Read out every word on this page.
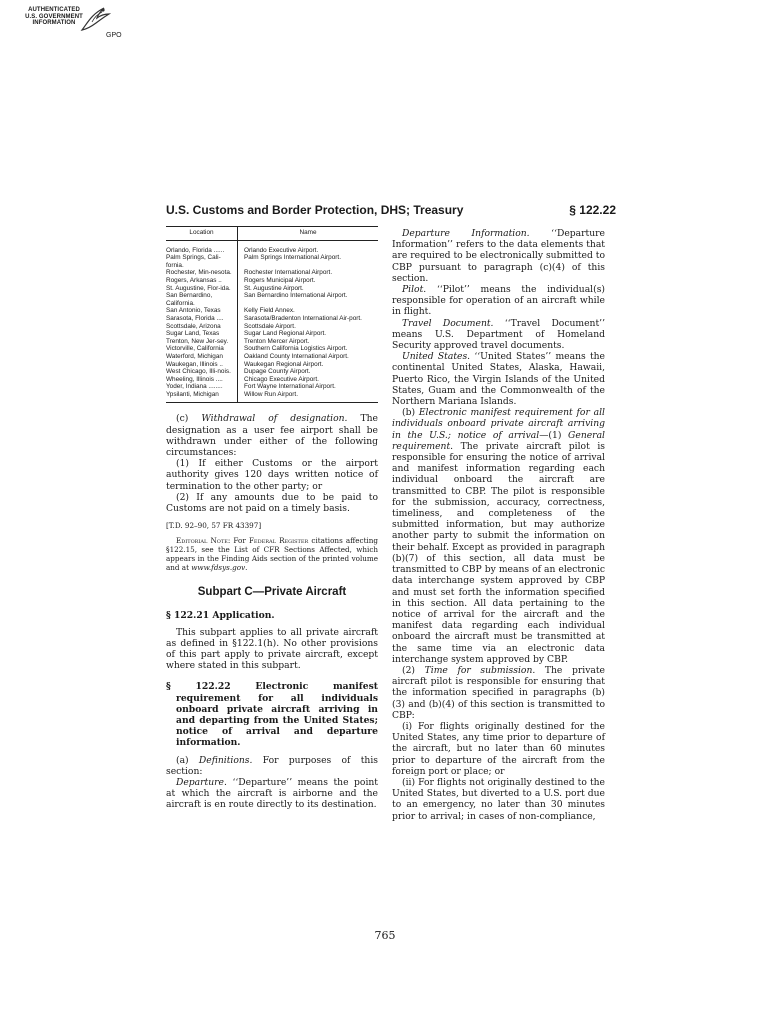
AUTHENTICATED
U.S. GOVERNMENT
INFORMATION
GPO
U.S. Customs and Border Protection, DHS; Treasury	§ 122.22
Location	Name
Orlando, Florida ......	Orlando Executive Airport.
Palm Springs, Cali-fornia.	Palm Springs International Airport.
Rochester, Min-nesota.	Rochester International Airport.
Rogers, Arkansas ..	Rogers Municipal Airport.
St. Augustine, Flor-ida.	St. Augustine Airport.
San Bernardino, California.	San Bernardino International Airport.
San Antonio, Texas	Kelly Field Annex.
Sarasota, Florida ....	Sarasota/Bradenton International Air-port.
Scottsdale, Arizona	Scottsdale Airport.
Sugar Land, Texas	Sugar Land Regional Airport.
Trenton, New Jer-sey.	Trenton Mercer Airport.
Victorville, California	Southern California Logistics Airport.
Waterford, Michigan	Oakland County International Airport.
Waukegan, Illinois ..	Waukegan Regional Airport.
West Chicago, Illi-nois.	Dupage County Airport.
Wheeling, Illinois ....	Chicago Executive Airport.
Yoder, Indiana ........	Fort Wayne International Airport.
Ypsilanti, Michigan	Willow Run Airport.

(c) Withdrawal of designation. The designation as a user fee airport shall be withdrawn under either of the following circumstances:

(1) If either Customs or the airport authority gives 120 days written notice of termination to the other party; or

(2) If any amounts due to be paid to Customs are not paid on a timely basis.

[T.D. 92–90, 57 FR 43397]

Editorial Note: For Federal Register citations affecting §122.15, see the List of CFR Sections Affected, which appears in the Finding Aids section of the printed volume and at www.fdsys.gov.

Subpart C—Private Aircraft

§ 122.21 Application.

This subpart applies to all private aircraft as defined in §122.1(h). No other provisions of this part apply to private aircraft, except where stated in this subpart.

§ 122.22 Electronic manifest requirement for all individuals onboard private aircraft arriving in and departing from the United States; notice of arrival and departure information.

(a) Definitions. For purposes of this section:

Departure. ‘‘Departure’’ means the point at which the aircraft is airborne and the aircraft is en route directly to its destination.

Departure Information. ‘‘Departure Information’’ refers to the data elements that are required to be electronically submitted to CBP pursuant to paragraph (c)(4) of this section.

Pilot. ‘‘Pilot’’ means the individual(s) responsible for operation of an aircraft while in flight.

Travel Document. ‘‘Travel Document’’ means U.S. Department of Homeland Security approved travel documents.

United States. ‘‘United States’’ means the continental United States, Alaska, Hawaii, Puerto Rico, the Virgin Islands of the United States, Guam and the Commonwealth of the Northern Mariana Islands.

(b) Electronic manifest requirement for all individuals onboard private aircraft arriving in the U.S.; notice of arrival—(1) General requirement. The private aircraft pilot is responsible for ensuring the notice of arrival and manifest information regarding each individual onboard the aircraft are transmitted to CBP. The pilot is responsible for the submission, accuracy, correctness, timeliness, and completeness of the submitted information, but may authorize another party to submit the information on their behalf. Except as provided in paragraph (b)(7) of this section, all data must be transmitted to CBP by means of an electronic data interchange system approved by CBP and must set forth the information specified in this section. All data pertaining to the notice of arrival for the aircraft and the manifest data regarding each individual onboard the aircraft must be transmitted at the same time via an electronic data interchange system approved by CBP.

(2) Time for submission. The private aircraft pilot is responsible for ensuring that the information specified in paragraphs (b)(3) and (b)(4) of this section is transmitted to CBP:

(i) For flights originally destined for the United States, any time prior to departure of the aircraft, but no later than 60 minutes prior to departure of the aircraft from the foreign port or place; or

(ii) For flights not originally destined to the United States, but diverted to a U.S. port due to an emergency, no later than 30 minutes prior to arrival; in cases of non-compliance,

765
